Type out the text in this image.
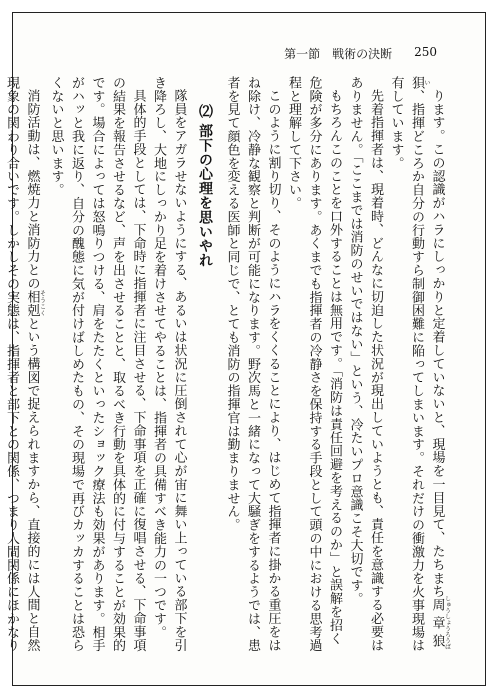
第一節　戦術の決断 250

ります。この認識がハラにしっかりと定着していないと、現場を一目見て、たちまち周章狼狽しゅうしょうろうばい、指揮どころか自分の行動すら制御困難に陥ってしまいます。それだけの衝激力を火事現場は有しています。

先着指揮者は、現着時、どんなに切迫した状況が現出していようとも、責任を意識する必要はありません。「ここまでは消防のせいではない」という、冷たいプロ意識こそ大切です。

もちろんこのことを口外することは無用です。「消防は責任回避を考えるのか」と誤解を招く危険が多分にあります。あくまでも指揮者の冷静さを保持する手段として頭の中における思考過程と理解して下さい。

このように割り切り、そのようにハラをくくることにより、はじめて指揮者に掛かる重圧をはね除け、冷静な観察と判断が可能になります。野次馬と一緒になって大騒ぎをするようでは、患者を見て顔色を変える医師と同じで、とても消防の指揮官は勤まりません。

⑵ 部下の心理を思いやれ

隊員をアガラせないようにする、あるいは状況に圧倒されて心が宙に舞い上っている部下を引き降ろし、大地にしっかり足を着けさせてやることは、指揮者の具備すべき能力の一つです。

具体的手段としては、下命時に指揮者に注目させる、下命事項を正確に復唱させる、下命事項の結果を報告させるなど、声を出させることと、取るべき行動を具体的に付与することが効果的です。場合によっては怒鳴りつける、肩をたたくといったショック療法も効果があります。相手がハッと我に返り、自分の醜態に気が付けばしめたもの、その現場で再びカッカすることは恐らくないと思います。

消防活動は、燃焼力と消防力との相剋 そうこくという構図で捉えられますから、直接的には人間と自然現象の関わり合いです。しかしその実態は、指揮者と部下との関係、つまり人間関係にほかなり
